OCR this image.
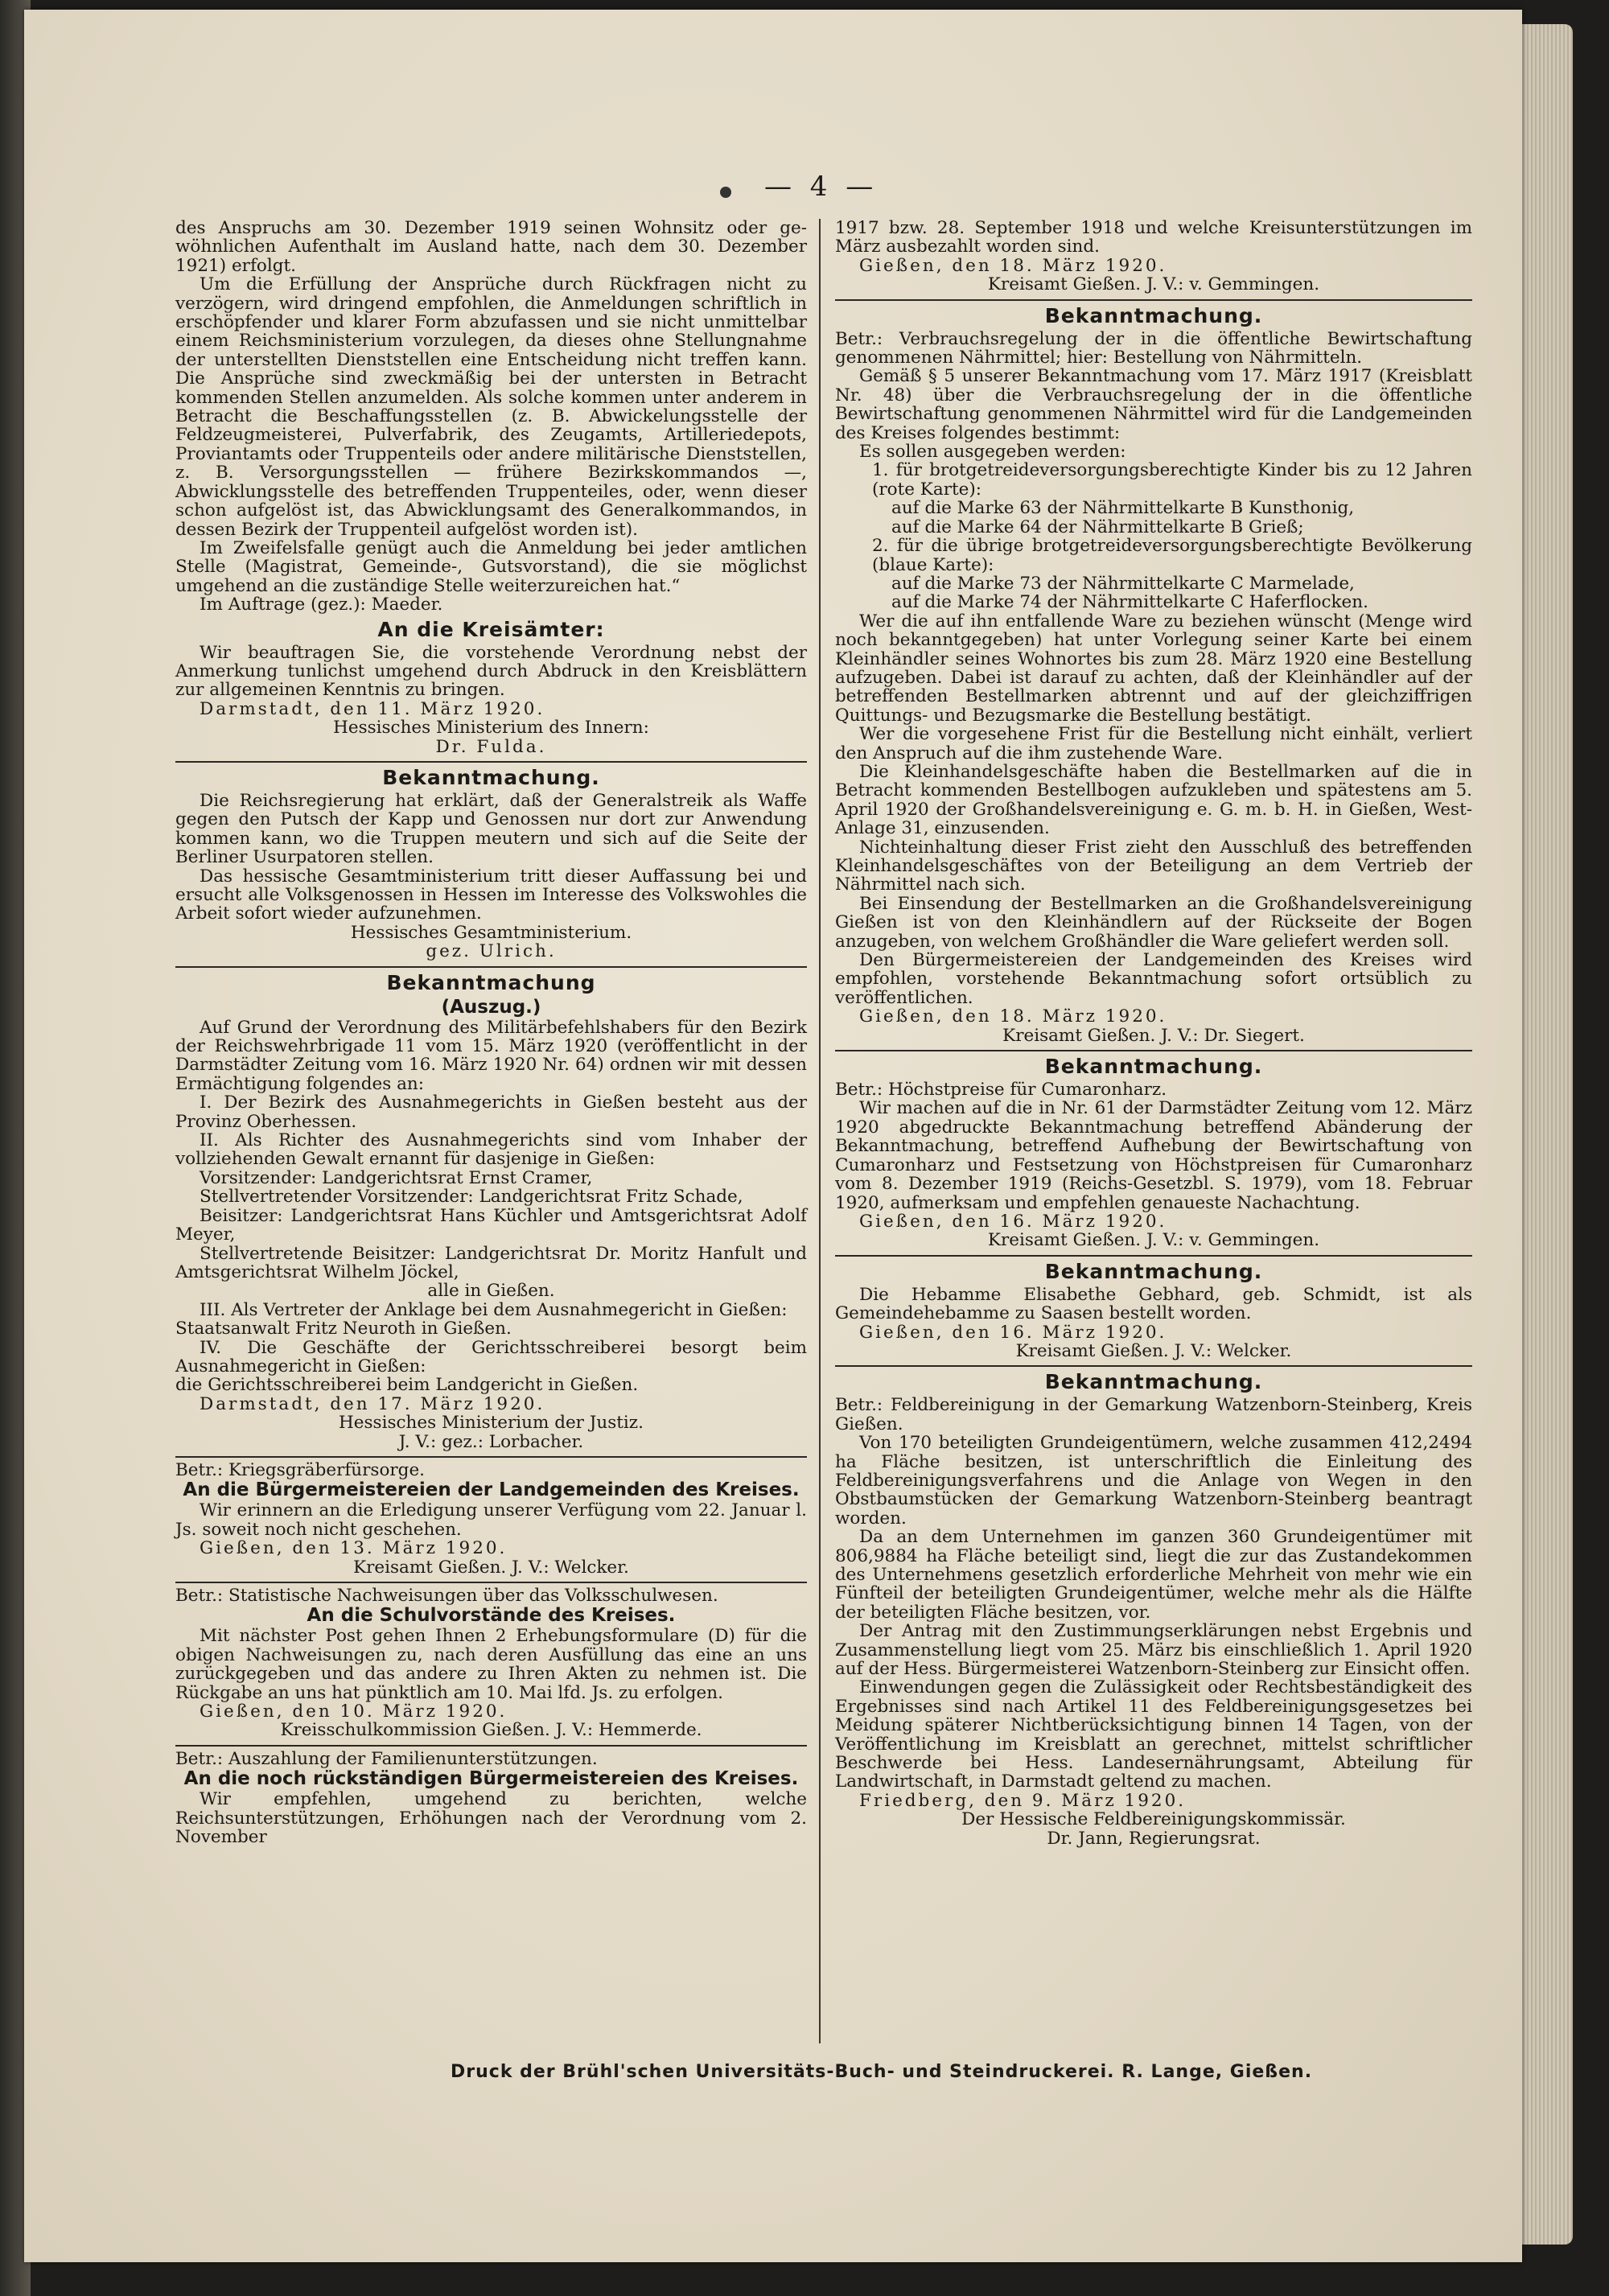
— 4 —

des Anspruchs am 30. Dezember 1919 seinen Wohnsitz oder ge-wöhnlichen Aufenthalt im Ausland hatte, nach dem 30. Dezember 1921) erfolgt.

Um die Erfüllung der Ansprüche durch Rückfragen nicht zu verzögern, wird dringend empfohlen, die Anmeldungen schriftlich in erschöpfender und klarer Form abzufassen und sie nicht unmittelbar einem Reichsministerium vorzulegen, da dieses ohne Stellungnahme der unterstellten Dienststellen eine Entscheidung nicht treffen kann. Die Ansprüche sind zweckmäßig bei der untersten in Betracht kommenden Stellen anzumelden. Als solche kommen unter anderem in Betracht die Beschaffungsstellen (z. B. Abwickelungsstelle der Feldzeugmeisterei, Pulverfabrik, des Zeugamts, Artilleriedepots, Proviantamts oder Truppenteils oder andere militärische Dienststellen, z. B. Versorgungsstellen — frühere Bezirkskommandos —, Abwicklungsstelle des betreffenden Truppenteiles, oder, wenn dieser schon aufgelöst ist, das Abwicklungsamt des Generalkommandos, in dessen Bezirk der Truppenteil aufgelöst worden ist).

Im Zweifelsfalle genügt auch die Anmeldung bei jeder amtlichen Stelle (Magistrat, Gemeinde-, Gutsvorstand), die sie möglichst umgehend an die zuständige Stelle weiterzureichen hat.“

Im Auftrage (gez.): Maeder.

An die Kreisämter:

Wir beauftragen Sie, die vorstehende Verordnung nebst der Anmerkung tunlichst umgehend durch Abdruck in den Kreisblättern zur allgemeinen Kenntnis zu bringen.

Darmstadt, den 11. März 1920.

Hessisches Ministerium des Innern:

Dr. Fulda.

Bekanntmachung.

Die Reichsregierung hat erklärt, daß der Generalstreik als Waffe gegen den Putsch der Kapp und Genossen nur dort zur Anwendung kommen kann, wo die Truppen meutern und sich auf die Seite der Berliner Usurpatoren stellen.

Das hessische Gesamtministerium tritt dieser Auffassung bei und ersucht alle Volksgenossen in Hessen im Interesse des Volkswohles die Arbeit sofort wieder aufzunehmen.

Hessisches Gesamtministerium.

gez. Ulrich.

Bekanntmachung
(Auszug.)

Auf Grund der Verordnung des Militärbefehlshabers für den Bezirk der Reichswehrbrigade 11 vom 15. März 1920 (veröffentlicht in der Darmstädter Zeitung vom 16. März 1920 Nr. 64) ordnen wir mit dessen Ermächtigung folgendes an:

I. Der Bezirk des Ausnahmegerichts in Gießen besteht aus der Provinz Oberhessen.

II. Als Richter des Ausnahmegerichts sind vom Inhaber der vollziehenden Gewalt ernannt für dasjenige in Gießen:

Vorsitzender: Landgerichtsrat Ernst Cramer,

Stellvertretender Vorsitzender: Landgerichtsrat Fritz Schade,

Beisitzer: Landgerichtsrat Hans Küchler und Amtsgerichtsrat Adolf Meyer,

Stellvertretende Beisitzer: Landgerichtsrat Dr. Moritz Hanfult und Amtsgerichtsrat Wilhelm Jöckel,

alle in Gießen.

III. Als Vertreter der Anklage bei dem Ausnahmegericht in Gießen:

Staatsanwalt Fritz Neuroth in Gießen.

IV. Die Geschäfte der Gerichtsschreiberei besorgt beim Ausnahmegericht in Gießen:

die Gerichtsschreiberei beim Landgericht in Gießen.

Darmstadt, den 17. März 1920.

Hessisches Ministerium der Justiz.

J. V.: gez.: Lorbacher.

Betr.: Kriegsgräberfürsorge.

An die Bürgermeistereien der Landgemeinden des Kreises.

Wir erinnern an die Erledigung unserer Verfügung vom 22. Januar l. Js. soweit noch nicht geschehen.

Gießen, den 13. März 1920.

Kreisamt Gießen. J. V.: Welcker.

Betr.: Statistische Nachweisungen über das Volksschulwesen.

An die Schulvorstände des Kreises.

Mit nächster Post gehen Ihnen 2 Erhebungsformulare (D) für die obigen Nachweisungen zu, nach deren Ausfüllung das eine an uns zurückgegeben und das andere zu Ihren Akten zu nehmen ist. Die Rückgabe an uns hat pünktlich am 10. Mai lfd. Js. zu erfolgen.

Gießen, den 10. März 1920.

Kreisschulkommission Gießen. J. V.: Hemmerde.

Betr.: Auszahlung der Familienunterstützungen.

An die noch rückständigen Bürgermeistereien des Kreises.

Wir empfehlen, umgehend zu berichten, welche Reichsunterstützungen, Erhöhungen nach der Verordnung vom 2. November

1917 bzw. 28. September 1918 und welche Kreisunterstützungen im März ausbezahlt worden sind.

Gießen, den 18. März 1920.

Kreisamt Gießen. J. V.: v. Gemmingen.

Bekanntmachung.

Betr.: Verbrauchsregelung der in die öffentliche Bewirtschaftung genommenen Nährmittel; hier: Bestellung von Nährmitteln.

Gemäß § 5 unserer Bekanntmachung vom 17. März 1917 (Kreisblatt Nr. 48) über die Verbrauchsregelung der in die öffentliche Bewirtschaftung genommenen Nährmittel wird für die Landgemeinden des Kreises folgendes bestimmt:

Es sollen ausgegeben werden:

1. für brotgetreideversorgungsberechtigte Kinder bis zu 12 Jahren (rote Karte):

auf die Marke 63 der Nährmittelkarte B Kunsthonig,

auf die Marke 64 der Nährmittelkarte B Grieß;

2. für die übrige brotgetreideversorgungsberechtigte Bevölkerung (blaue Karte):

auf die Marke 73 der Nährmittelkarte C Marmelade,

auf die Marke 74 der Nährmittelkarte C Haferflocken.

Wer die auf ihn entfallende Ware zu beziehen wünscht (Menge wird noch bekanntgegeben) hat unter Vorlegung seiner Karte bei einem Kleinhändler seines Wohnortes bis zum 28. März 1920 eine Bestellung aufzugeben. Dabei ist darauf zu achten, daß der Kleinhändler auf der betreffenden Bestellmarken abtrennt und auf der gleichziffrigen Quittungs- und Bezugsmarke die Bestellung bestätigt.

Wer die vorgesehene Frist für die Bestellung nicht einhält, verliert den Anspruch auf die ihm zustehende Ware.

Die Kleinhandelsgeschäfte haben die Bestellmarken auf die in Betracht kommenden Bestellbogen aufzukleben und spätestens am 5. April 1920 der Großhandelsvereinigung e. G. m. b. H. in Gießen, West-Anlage 31, einzusenden.

Nichteinhaltung dieser Frist zieht den Ausschluß des betreffenden Kleinhandelsgeschäftes von der Beteiligung an dem Vertrieb der Nährmittel nach sich.

Bei Einsendung der Bestellmarken an die Großhandelsvereinigung Gießen ist von den Kleinhändlern auf der Rückseite der Bogen anzugeben, von welchem Großhändler die Ware geliefert werden soll.

Den Bürgermeistereien der Landgemeinden des Kreises wird empfohlen, vorstehende Bekanntmachung sofort ortsüblich zu veröffentlichen.

Gießen, den 18. März 1920.

Kreisamt Gießen. J. V.: Dr. Siegert.

Bekanntmachung.

Betr.: Höchstpreise für Cumaronharz.

Wir machen auf die in Nr. 61 der Darmstädter Zeitung vom 12. März 1920 abgedruckte Bekanntmachung betreffend Abänderung der Bekanntmachung, betreffend Aufhebung der Bewirtschaftung von Cumaronharz und Festsetzung von Höchstpreisen für Cumaronharz vom 8. Dezember 1919 (Reichs-Gesetzbl. S. 1979), vom 18. Februar 1920, aufmerksam und empfehlen genaueste Nachachtung.

Gießen, den 16. März 1920.

Kreisamt Gießen. J. V.: v. Gemmingen.

Bekanntmachung.

Die Hebamme Elisabethe Gebhard, geb. Schmidt, ist als Gemeindehebamme zu Saasen bestellt worden.

Gießen, den 16. März 1920.

Kreisamt Gießen. J. V.: Welcker.

Bekanntmachung.

Betr.: Feldbereinigung in der Gemarkung Watzenborn-Steinberg, Kreis Gießen.

Von 170 beteiligten Grundeigentümern, welche zusammen 412,2494 ha Fläche besitzen, ist unterschriftlich die Einleitung des Feldbereinigungsverfahrens und die Anlage von Wegen in den Obstbaumstücken der Gemarkung Watzenborn-Steinberg beantragt worden.

Da an dem Unternehmen im ganzen 360 Grundeigentümer mit 806,9884 ha Fläche beteiligt sind, liegt die zur das Zustandekommen des Unternehmens gesetzlich erforderliche Mehrheit von mehr wie ein Fünfteil der beteiligten Grundeigentümer, welche mehr als die Hälfte der beteiligten Fläche besitzen, vor.

Der Antrag mit den Zustimmungserklärungen nebst Ergebnis und Zusammenstellung liegt vom 25. März bis einschließlich 1. April 1920 auf der Hess. Bürgermeisterei Watzenborn-Steinberg zur Einsicht offen.

Einwendungen gegen die Zulässigkeit oder Rechtsbeständigkeit des Ergebnisses sind nach Artikel 11 des Feldbereinigungsgesetzes bei Meidung späterer Nichtberücksichtigung binnen 14 Tagen, von der Veröffentlichung im Kreisblatt an gerechnet, mittelst schriftlicher Beschwerde bei Hess. Landesernährungsamt, Abteilung für Landwirtschaft, in Darmstadt geltend zu machen.

Friedberg, den 9. März 1920.

Der Hessische Feldbereinigungskommissär.

Dr. Jann, Regierungsrat.

Druck der Brühl'schen Universitäts-Buch- und Steindruckerei. R. Lange, Gießen.
